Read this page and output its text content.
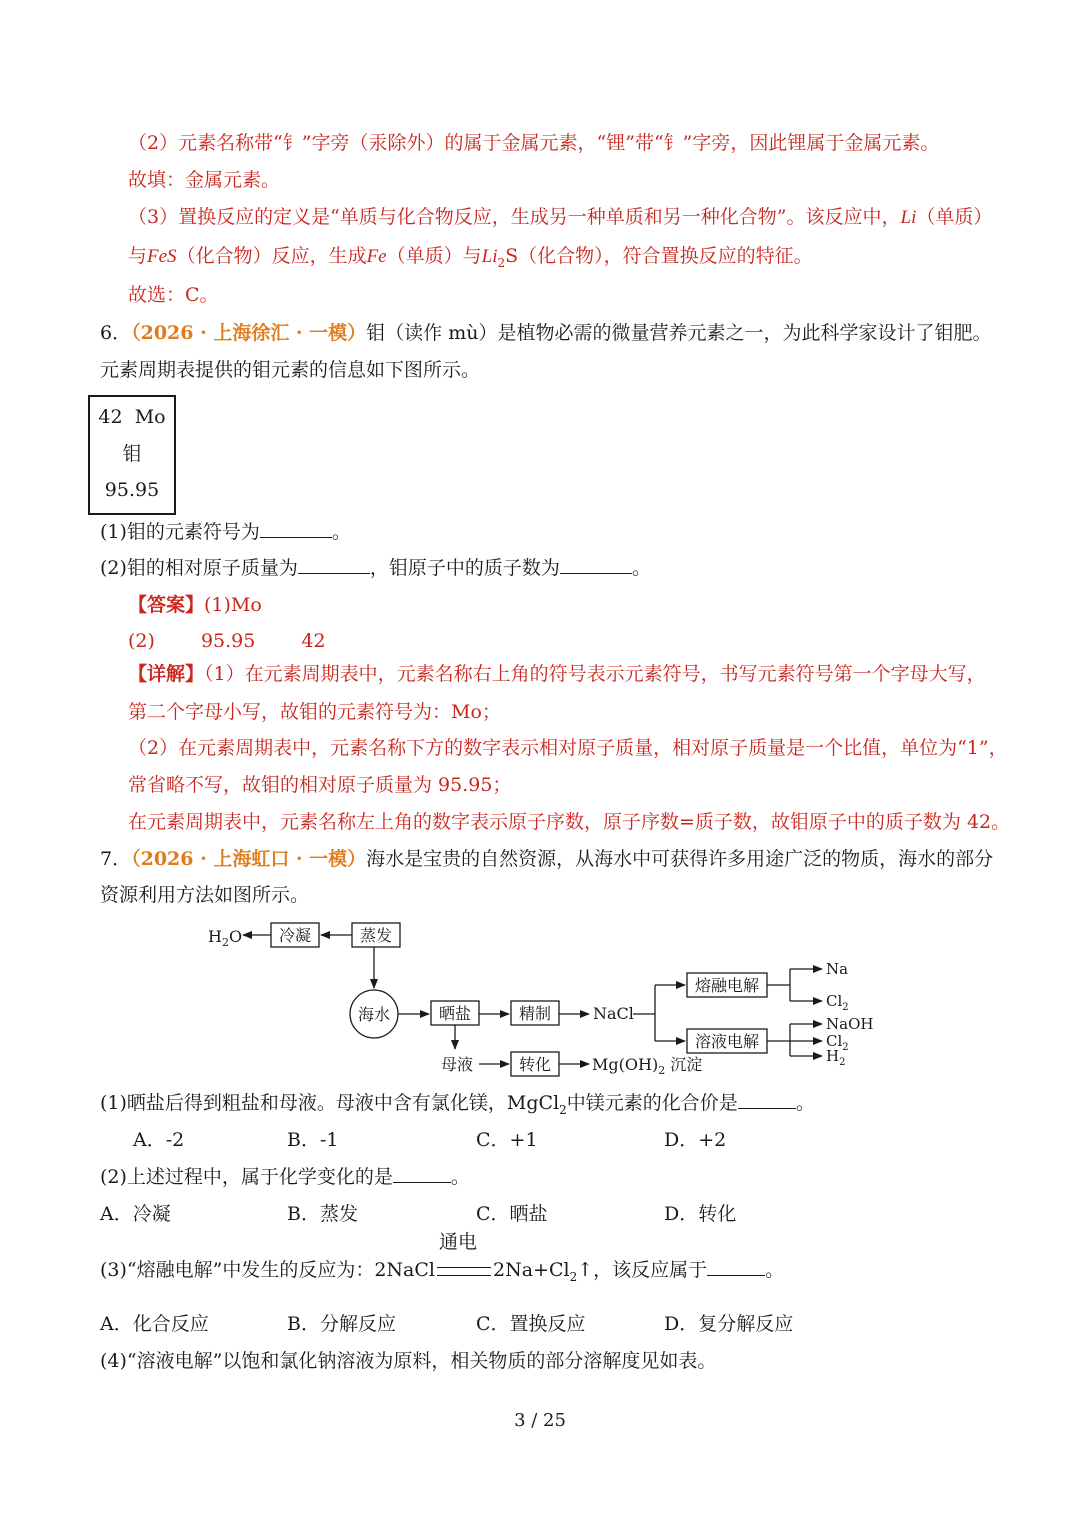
（2）元素名称带“钅”字旁（汞除外）的属于金属元素，“锂”带“钅”字旁，因此锂属于金属元素。
故填：金属元素。
（3）置换反应的定义是“单质与化合物反应，生成另一种单质和另一种化合物”。该反应中，Li（单质）
与FeS（化合物）反应，生成Fe（单质）与$Li_2S$（化合物），符合置换反应的特征。
故选：C。
6．（2026 · 上海徐汇 · 一模）钼（读作 mù）是植物必需的微量营养元素之一，为此科学家设计了钼肥。
元素周期表提供的钼元素的信息如下图所示。
42 Mo
钼
95.95
(1)钼的元素符号为	。
(2)钼的相对原子质量为	，钼原子中的质子数为	。
【答案】(1)Mo
(2) 95.95 42
【详解】（1）在元素周期表中，元素名称右上角的符号表示元素符号，书写元素符号第一个字母大写，
第二个字母小写，故钼的元素符号为：Mo；
（2）在元素周期表中，元素名称下方的数字表示相对原子质量，相对原子质量是一个比值，单位为“1”，
常省略不写，故钼的相对原子质量为 95.95；
在元素周期表中，元素名称左上角的数字表示原子序数，原子序数=质子数，故钼原子中的质子数为 42。
7．（2026 · 上海虹口 · 一模）海水是宝贵的自然资源，从海水中可获得许多用途广泛的物质，海水的部分
资源利用方法如图所示。
$H_2O$ 冷凝	蒸发
海水	晒盐	精制	NaCl
熔融电解
溶液电解
Na
$Cl_2$
NaOH
$Cl_2$
$H_2$
母液	转化	$Mg(OH)_2$ 沉淀
(1)晒盐后得到粗盐和母液。母液中含有氯化镁，MgCl$_2$中镁元素的化合价是	。
A．-2	B．-1	C．+1	D．+2
(2)上述过程中，属于化学变化的是	。
A．冷凝	B．蒸发	C．晒盐	D．转化
(3)“熔融电解”中发生的反应为：2NaCl
通电
$2Na+Cl_2↑$，该反应属于	。
A．化合反应	B．分解反应	C．置换反应	D．复分解反应
(4)“溶液电解”以饱和氯化钠溶液为原料，相关物质的部分溶解度见如表。
3 / 25
